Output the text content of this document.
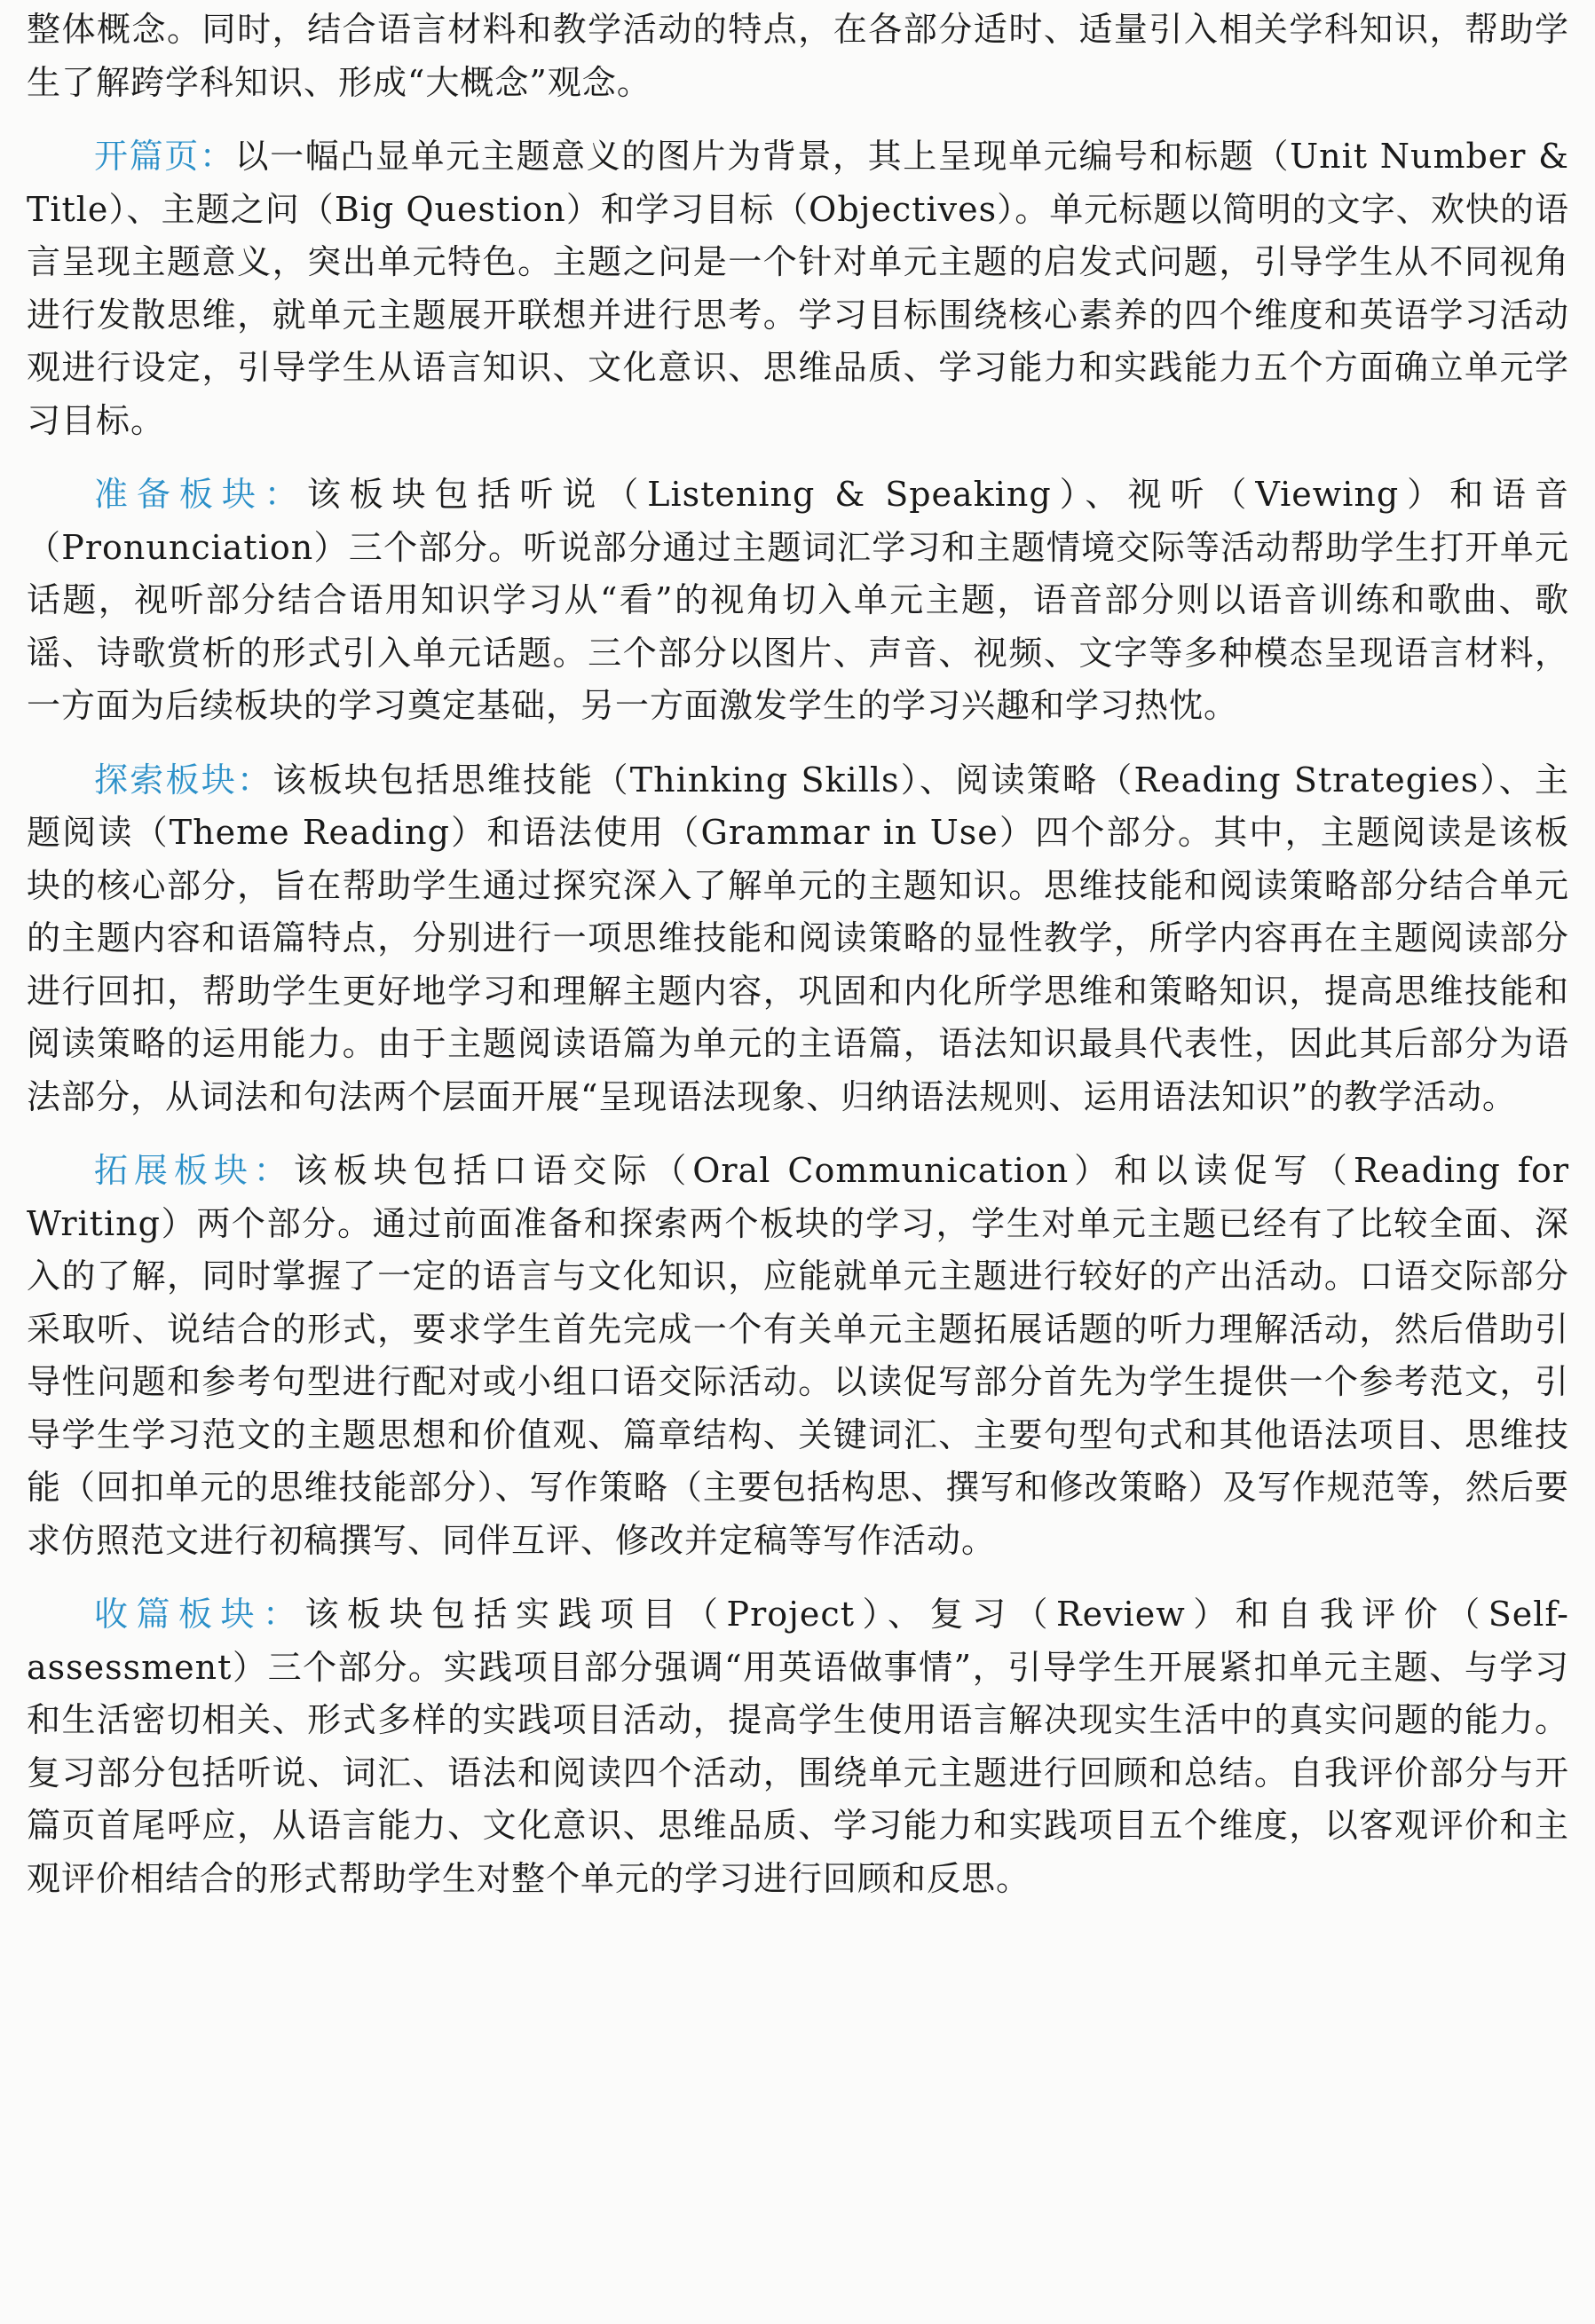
整体概念。同时，结合语言材料和教学活动的特点，在各部分适时、适量引入相关学科知识，帮助学生了解跨学科知识、形成“大概念”观念。

开篇页：以一幅凸显单元主题意义的图片为背景，其上呈现单元编号和标题（Unit Number & Title）、主题之问（Big Question）和学习目标（Objectives）。单元标题以简明的文字、欢快的语言呈现主题意义，突出单元特色。主题之问是一个针对单元主题的启发式问题，引导学生从不同视角进行发散思维，就单元主题展开联想并进行思考。学习目标围绕核心素养的四个维度和英语学习活动观进行设定，引导学生从语言知识、文化意识、思维品质、学习能力和实践能力五个方面确立单元学习目标。

准备板块：该板块包括听说（Listening & Speaking）、视听（Viewing）和语音（Pronunciation）三个部分。听说部分通过主题词汇学习和主题情境交际等活动帮助学生打开单元话题，视听部分结合语用知识学习从“看”的视角切入单元主题，语音部分则以语音训练和歌曲、歌谣、诗歌赏析的形式引入单元话题。三个部分以图片、声音、视频、文字等多种模态呈现语言材料，一方面为后续板块的学习奠定基础，另一方面激发学生的学习兴趣和学习热忱。

探索板块：该板块包括思维技能（Thinking Skills）、阅读策略（Reading Strategies）、主题阅读（Theme Reading）和语法使用（Grammar in Use）四个部分。其中，主题阅读是该板块的核心部分，旨在帮助学生通过探究深入了解单元的主题知识。思维技能和阅读策略部分结合单元的主题内容和语篇特点，分别进行一项思维技能和阅读策略的显性教学，所学内容再在主题阅读部分进行回扣，帮助学生更好地学习和理解主题内容，巩固和内化所学思维和策略知识，提高思维技能和阅读策略的运用能力。由于主题阅读语篇为单元的主语篇，语法知识最具代表性，因此其后部分为语法部分，从词法和句法两个层面开展“呈现语法现象、归纳语法规则、运用语法知识”的教学活动。

拓展板块：该板块包括口语交际（Oral Communication）和以读促写（Reading for Writing）两个部分。通过前面准备和探索两个板块的学习，学生对单元主题已经有了比较全面、深入的了解，同时掌握了一定的语言与文化知识，应能就单元主题进行较好的产出活动。口语交际部分采取听、说结合的形式，要求学生首先完成一个有关单元主题拓展话题的听力理解活动，然后借助引导性问题和参考句型进行配对或小组口语交际活动。以读促写部分首先为学生提供一个参考范文，引导学生学习范文的主题思想和价值观、篇章结构、关键词汇、主要句型句式和其他语法项目、思维技能（回扣单元的思维技能部分）、写作策略（主要包括构思、撰写和修改策略）及写作规范等，然后要求仿照范文进行初稿撰写、同伴互评、修改并定稿等写作活动。

收篇板块：该板块包括实践项目（Project）、复习（Review）和自我评价（Self-assessment）三个部分。实践项目部分强调“用英语做事情”，引导学生开展紧扣单元主题、与学习和生活密切相关、形式多样的实践项目活动，提高学生使用语言解决现实生活中的真实问题的能力。复习部分包括听说、词汇、语法和阅读四个活动，围绕单元主题进行回顾和总结。自我评价部分与开篇页首尾呼应，从语言能力、文化意识、思维品质、学习能力和实践项目五个维度，以客观评价和主观评价相结合的形式帮助学生对整个单元的学习进行回顾和反思。
